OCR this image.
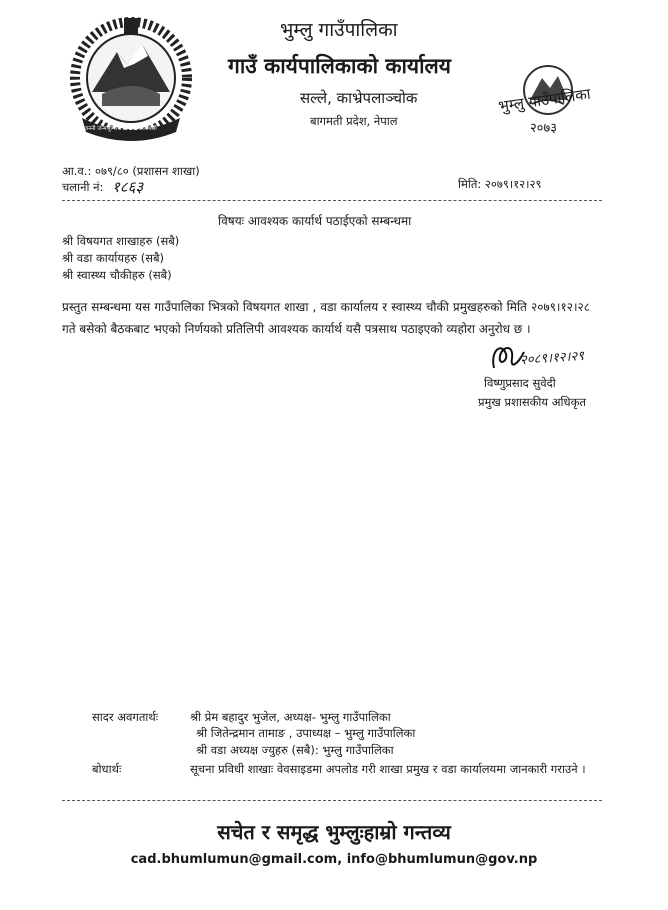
जननी जन्मभूमिश्च स्वर्गादपि गरीयसी
भुम्लु गाउँपालिका
गाउँ कार्यपालिकाको कार्यालय
सल्ले, काभ्रेपलाञ्चोक
बागमती प्रदेश, नेपाल
भुम्लु गाउँपालिका
२०७३
आ.व.: ०७९/८० (प्रशासन शाखा)
चलानी नं: १८६३	मिति: २०७९।१२।२९
विषयः आवश्यक कार्यार्थ पठाईएको सम्बन्धमा
श्री विषयगत शाखाहरु (सबै)
श्री वडा कार्यायहरु (सबै)
श्री स्वास्थ्य चौकीहरु (सबै)
प्रस्तुत सम्बन्धमा यस गाउँपालिका भित्रको विषयगत शाखा , वडा कार्यालय र स्वास्थ्य चौकी प्रमुखहरुको मिति २०७९।१२।२८ गते बसेको बैठकबाट भएको निर्णयको प्रतिलिपी आवश्यक कार्यार्थ यसै पत्रसाथ पठाइएको व्यहोरा अनुरोध छ ।
२०८९।१२।२९
विष्णुप्रसाद सुवेदी
प्रमुख प्रशासकीय अधिकृत
सादर अवगतार्थः	श्री प्रेम बहादुर भुजेल, अध्यक्ष- भुम्लु गाउँपालिका
श्री जितेन्द्रमान तामाङ , उपाध्यक्ष – भुम्लु गाउँपालिका
श्री वडा अध्यक्ष ज्युहरु (सबै): भुम्लु गाउँपालिका
बोधार्थः	सूचना प्रविधी शाखाः वेवसाइडमा अपलोड गरी शाखा प्रमुख र वडा कार्यालयमा जानकारी गराउने ।
सचेत र समृद्ध भुम्लुःहाम्रो गन्तव्य
cad.bhumlumun@gmail.com, info@bhumlumun@gov.np
